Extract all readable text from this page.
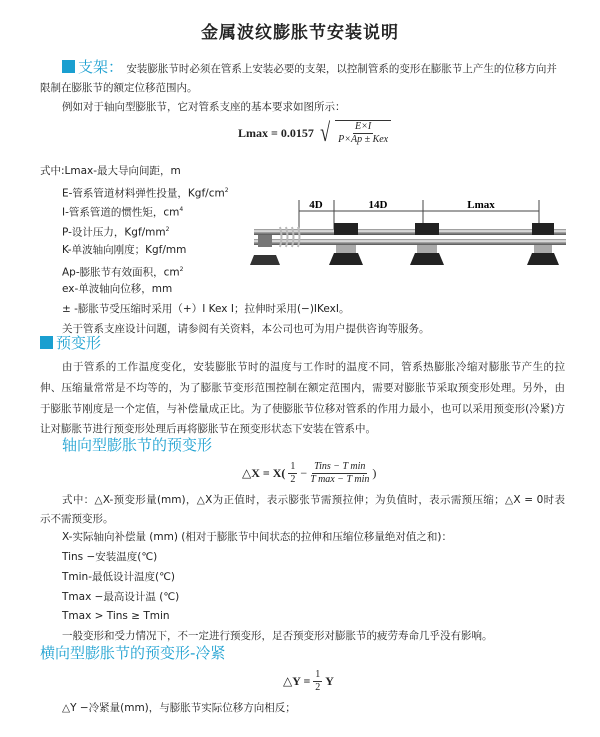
金属波纹膨胀节安装说明
支架： 安装膨胀节时必须在管系上安装必要的支架，以控制管系的变形在膨胀节上产生的位移方向并
限制在膨胀节的额定位移范围内。
例如对于轴向型膨胀节，它对管系支座的基本要求如图所示：
Lmax = 0.0157 √ $\frac{E\times I}{\text{P×Ap ± Kex}}$
式中:Lmax-最大导向间距，m
E-管系管道材料弹性投量，Kgf/$cm^2$
I-管系管道的惯性矩，$cm^4$
P-设计压力，Kgf/$mm^2$
K-单波轴向刚度；Kgf/mm
Ap-膨胀节有效面积，$cm^2$
ex-单波轴向位移，mm
± -膨胀节受压缩时采用（+）I Kex I；拉伸时采用(−)IKexI。
关于管系支座设计问题，请参阅有关资料，本公司也可为用户提供咨询等服务。
4D	14D	Lmax
预变形
由于管系的工作温度变化，安装膨胀节时的温度与工作时的温度不同，管系热膨胀冷缩对膨胀节产生的拉
伸、压缩量常常是不均等的，为了膨胀节变形范围控制在额定范围内，需要对膨胀节采取预变形处理。另外，由
于膨胀节刚度是一个定值，与补偿量成正比。为了使膨胀节位移对管系的作用力最小，也可以采用预变形(冷紧)方
让对膨胀节进行预变形处理后再将膨胀节在预变形状态下安装在管系中。
轴向型膨胀节的预变形
△X = $X( \frac{1}{2} - \frac{\text{Tins − T min}}{\text{T max − T min}}$ )
式中：△X-预变形量(mm)，△X为正值时，表示膨张节需预拉伸；为负值时，表示需预压缩；△X = 0时表
示不需预变形。
X-实际轴向补偿量 (mm) (相对于膨胀节中间状态的拉伸和压缩位移量绝对值之和)：
Tins −安装温度(℃)
Tmin-最低设计温度(℃)
Tmax −最高设计温 (℃)
Tmax > Tins ≥ Tmin
一般变形和受力情况下，不一定进行预变形，足否预变形对膨胀节的疲劳寿命几乎没有影响。
横向型膨胀节的预变形-冷紧
△Y = $\frac{1}{2}$ Y
△Y −冷紧量(mm)，与膨胀节实际位移方向相反；
